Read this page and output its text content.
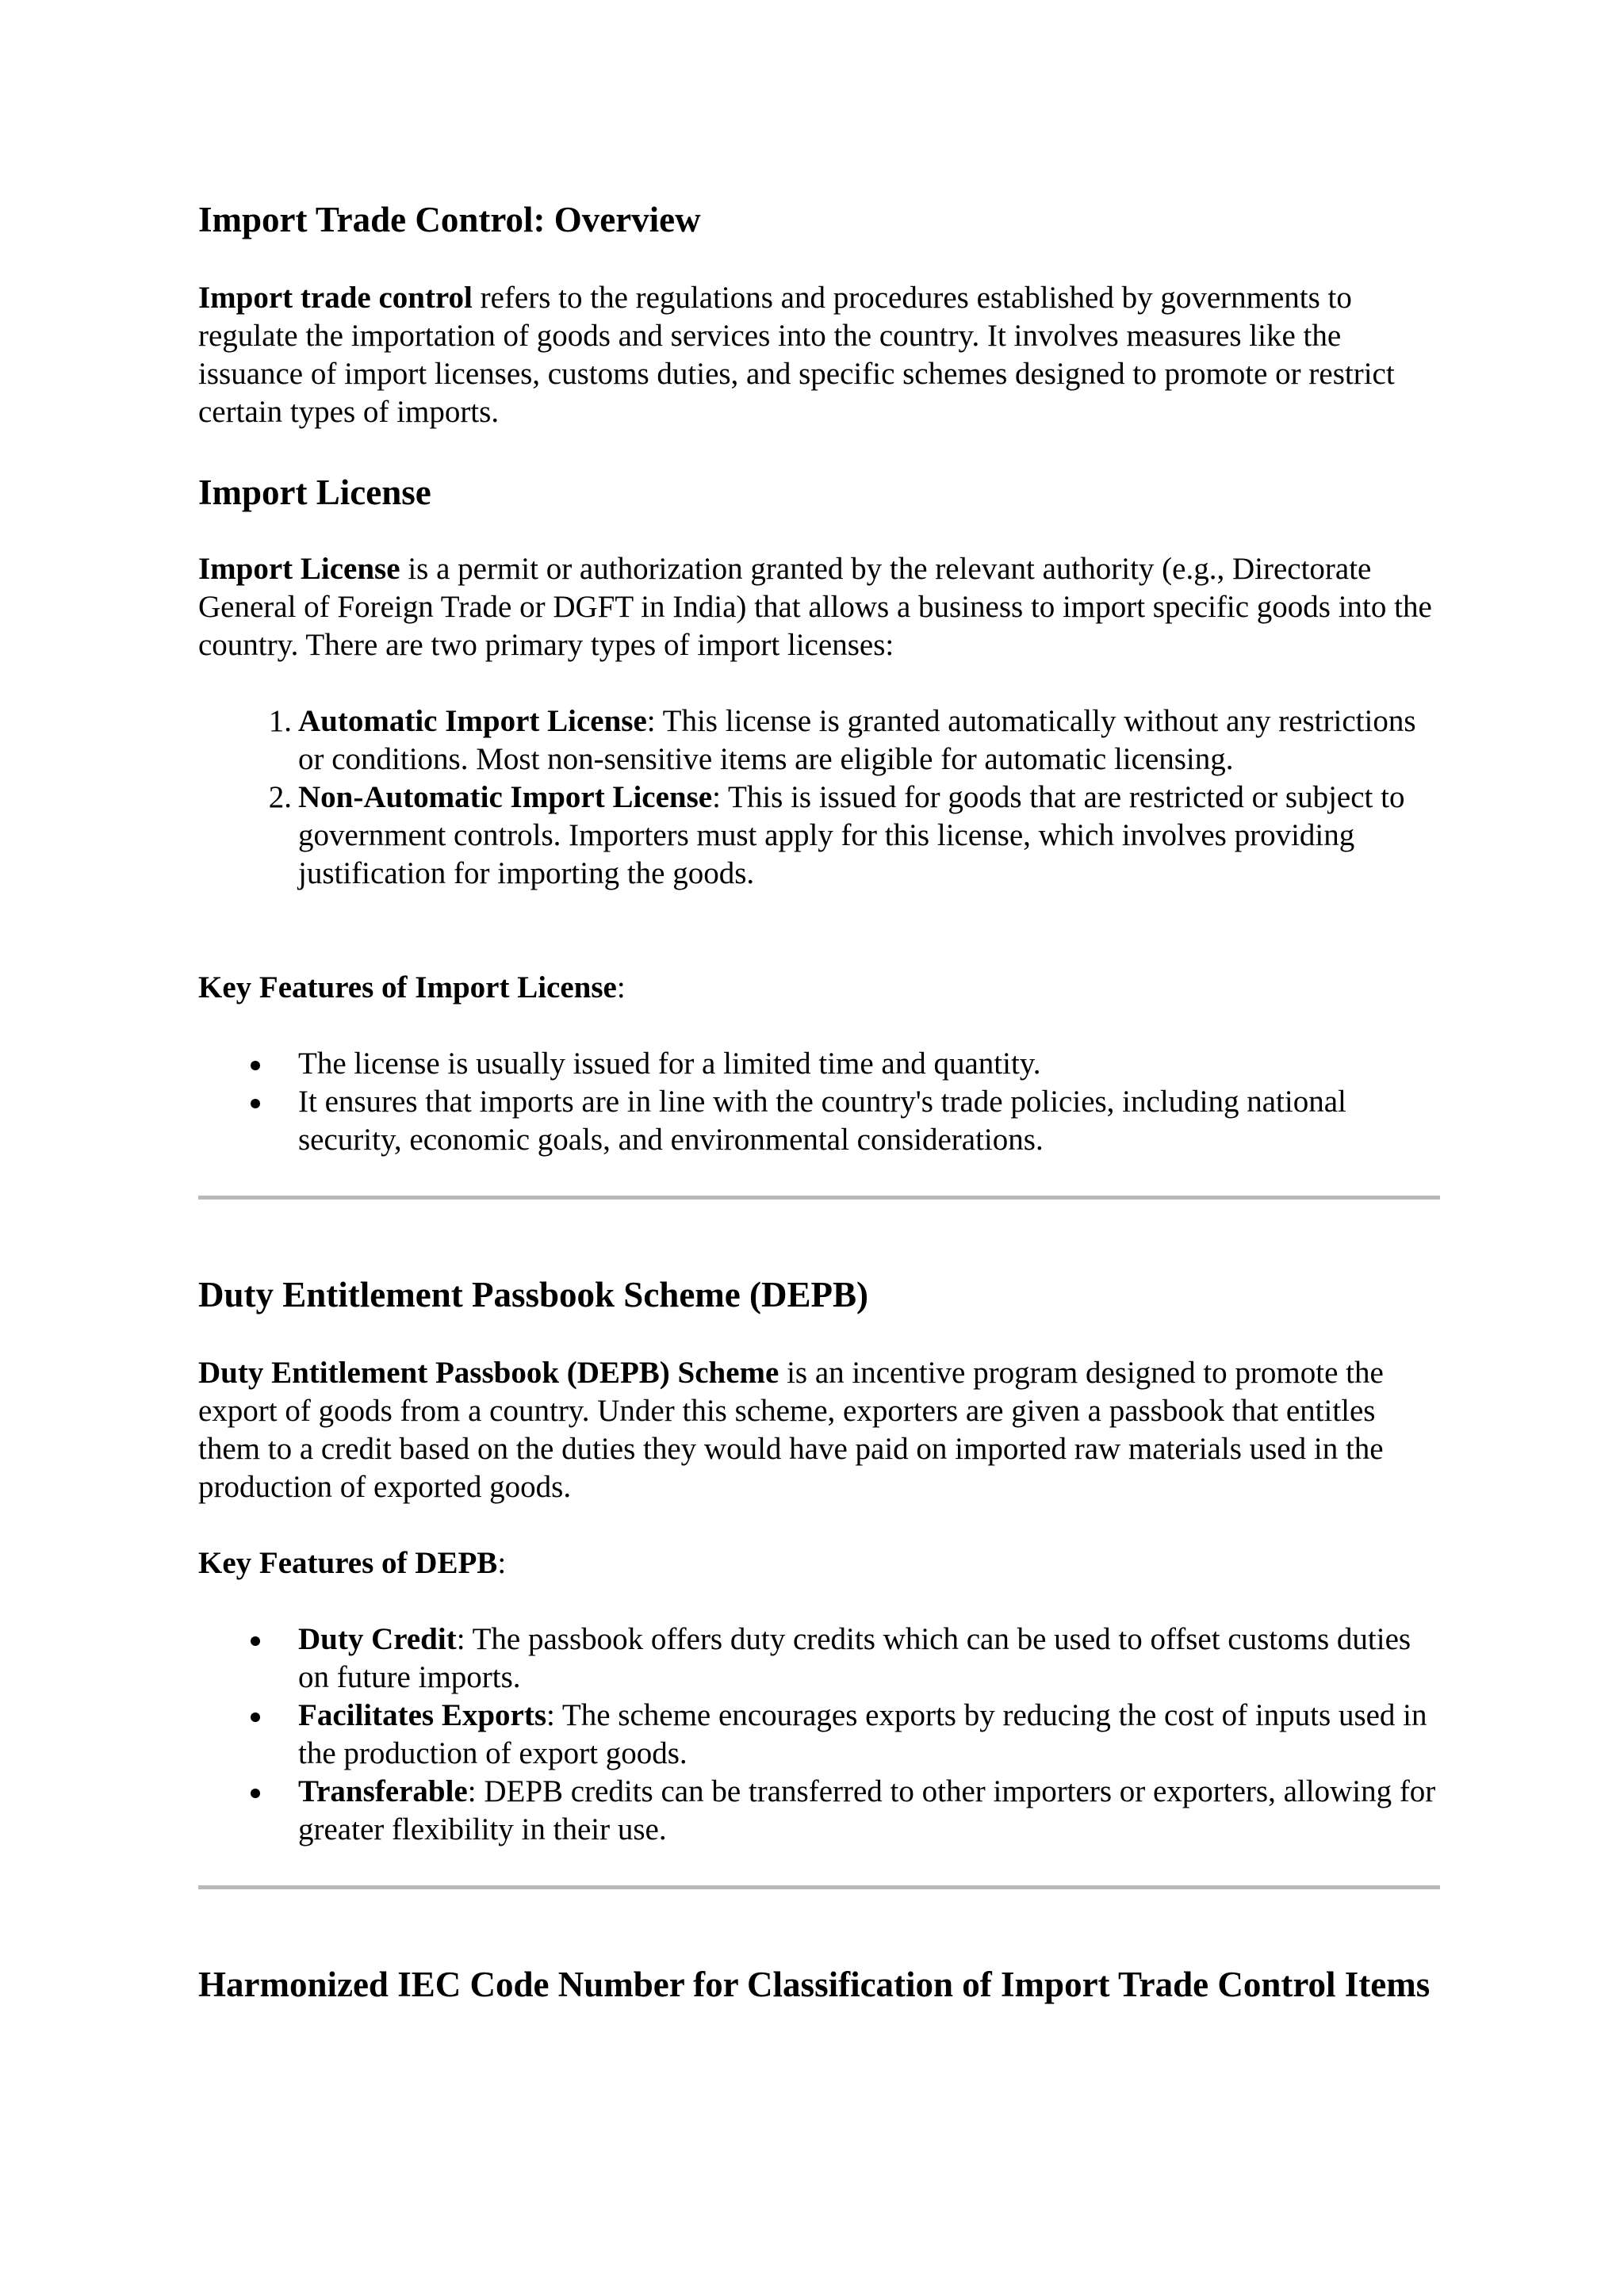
Import Trade Control: Overview

Import trade control refers to the regulations and procedures established by governments to regulate the importation of goods and services into the country. It involves measures like the issuance of import licenses, customs duties, and specific schemes designed to promote or restrict certain types of imports.

Import License

Import License is a permit or authorization granted by the relevant authority (e.g., Directorate General of Foreign Trade or DGFT in India) that allows a business to import specific goods into the country. There are two primary types of import licenses:

1. Automatic Import License: This license is granted automatically without any restrictions or conditions. Most non-sensitive items are eligible for automatic licensing.
2. Non-Automatic Import License: This is issued for goods that are restricted or subject to government controls. Importers must apply for this license, which involves providing justification for importing the goods.

Key Features of Import License:

The license is usually issued for a limited time and quantity.
It ensures that imports are in line with the country's trade policies, including national security, economic goals, and environmental considerations.
Duty Entitlement Passbook Scheme (DEPB)

Duty Entitlement Passbook (DEPB) Scheme is an incentive program designed to promote the export of goods from a country. Under this scheme, exporters are given a passbook that entitles them to a credit based on the duties they would have paid on imported raw materials used in the production of exported goods.

Key Features of DEPB:

Duty Credit: The passbook offers duty credits which can be used to offset customs duties on future imports.
Facilitates Exports: The scheme encourages exports by reducing the cost of inputs used in the production of export goods.
Transferable: DEPB credits can be transferred to other importers or exporters, allowing for greater flexibility in their use.
Harmonized IEC Code Number for Classification of Import Trade Control Items
